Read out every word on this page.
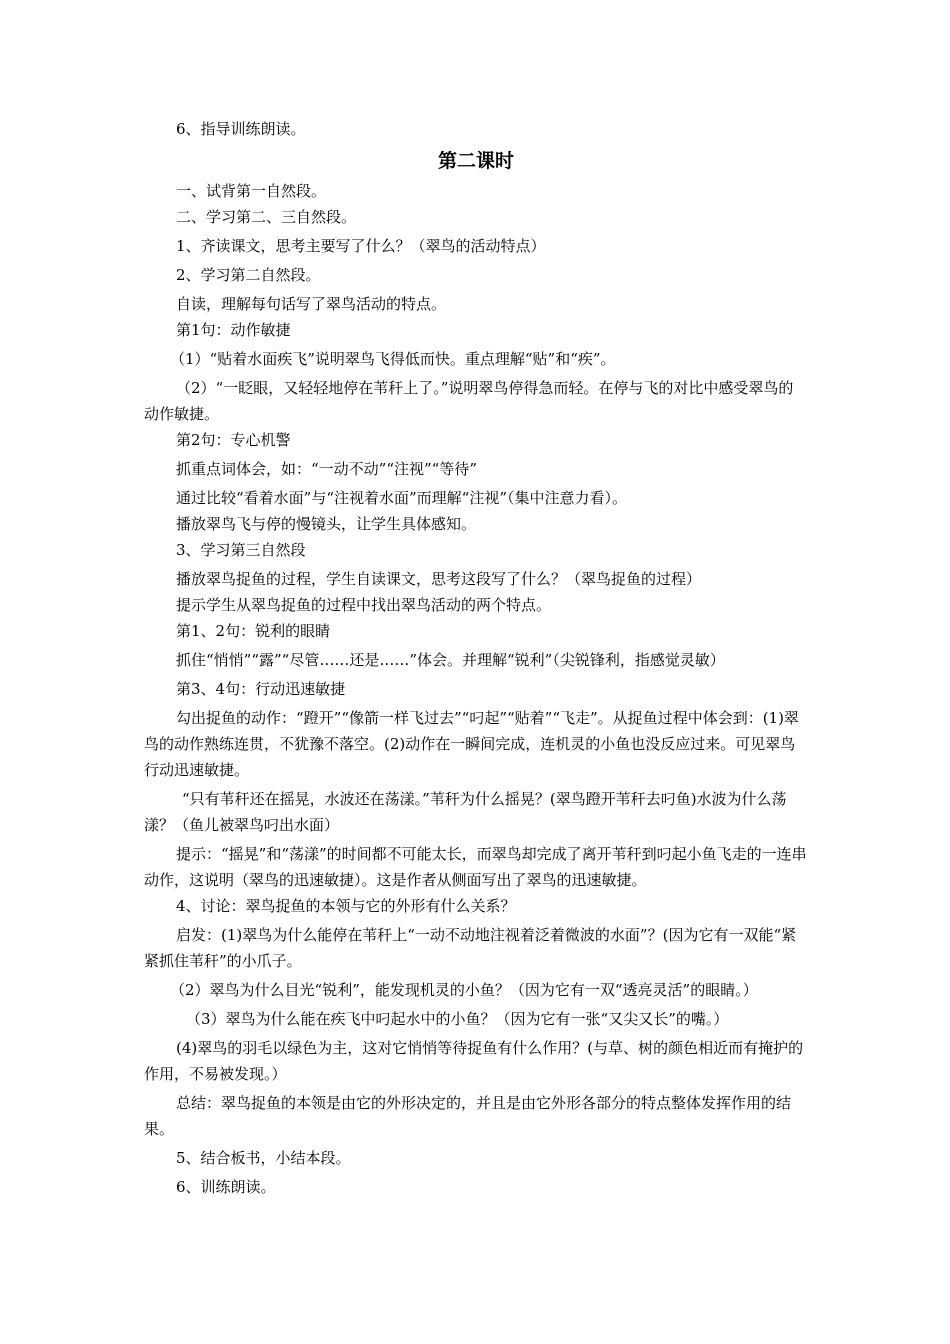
6、指导训练朗读。

第二课时

一、试背第一自然段。

二、学习第二、三自然段。

1、齐读课文，思考主要写了什么？（翠鸟的活动特点）

2、学习第二自然段。

自读，理解每句话写了翠鸟活动的特点。

第1句：动作敏捷

（1）“贴着水面疾飞”说明翠鸟飞得低而快。重点理解“贴”和“疾”。

（2）“一眨眼，又轻轻地停在苇秆上了。”说明翠鸟停得急而轻。在停与飞的对比中感受翠鸟的动作敏捷。

第2句：专心机警

抓重点词体会，如：“一动不动”“注视”“等待”

通过比较“看着水面”与“注视着水面”而理解“注视”（集中注意力看）。

播放翠鸟飞与停的慢镜头，让学生具体感知。

3、学习第三自然段

播放翠鸟捉鱼的过程，学生自读课文，思考这段写了什么？（翠鸟捉鱼的过程）

提示学生从翠鸟捉鱼的过程中找出翠鸟活动的两个特点。

第1、2句：锐利的眼睛

抓住“悄悄”“露”“尽管……还是……”体会。并理解“锐利”（尖锐锋利，指感觉灵敏）

第3、4句：行动迅速敏捷

勾出捉鱼的动作：“蹬开”“像箭一样飞过去”“叼起”“贴着”“飞走”。从捉鱼过程中体会到：(1)翠鸟的动作熟练连贯，不犹豫不落空。(2)动作在一瞬间完成，连机灵的小鱼也没反应过来。可见翠鸟行动迅速敏捷。

“只有苇秆还在摇晃，水波还在荡漾。”苇秆为什么摇晃？(翠鸟蹬开苇秆去叼鱼)水波为什么荡漾？（鱼儿被翠鸟叼出水面）

提示：“摇晃”和“荡漾”的时间都不可能太长，而翠鸟却完成了离开苇秆到叼起小鱼飞走的一连串动作，这说明（翠鸟的迅速敏捷）。这是作者从侧面写出了翠鸟的迅速敏捷。

4、讨论：翠鸟捉鱼的本领与它的外形有什么关系？

启发：(1)翠鸟为什么能停在苇秆上“一动不动地注视着泛着微波的水面”？(因为它有一双能“紧紧抓住苇秆”的小爪子。

（2）翠鸟为什么目光“锐利”，能发现机灵的小鱼？（因为它有一双“透亮灵活”的眼睛。）

（3）翠鸟为什么能在疾飞中叼起水中的小鱼？（因为它有一张“又尖又长”的嘴。）

(4)翠鸟的羽毛以绿色为主，这对它悄悄等待捉鱼有什么作用？(与草、树的颜色相近而有掩护的作用，不易被发现。）

总结：翠鸟捉鱼的本领是由它的外形决定的，并且是由它外形各部分的特点整体发挥作用的结果。

5、结合板书，小结本段。

6、训练朗读。
